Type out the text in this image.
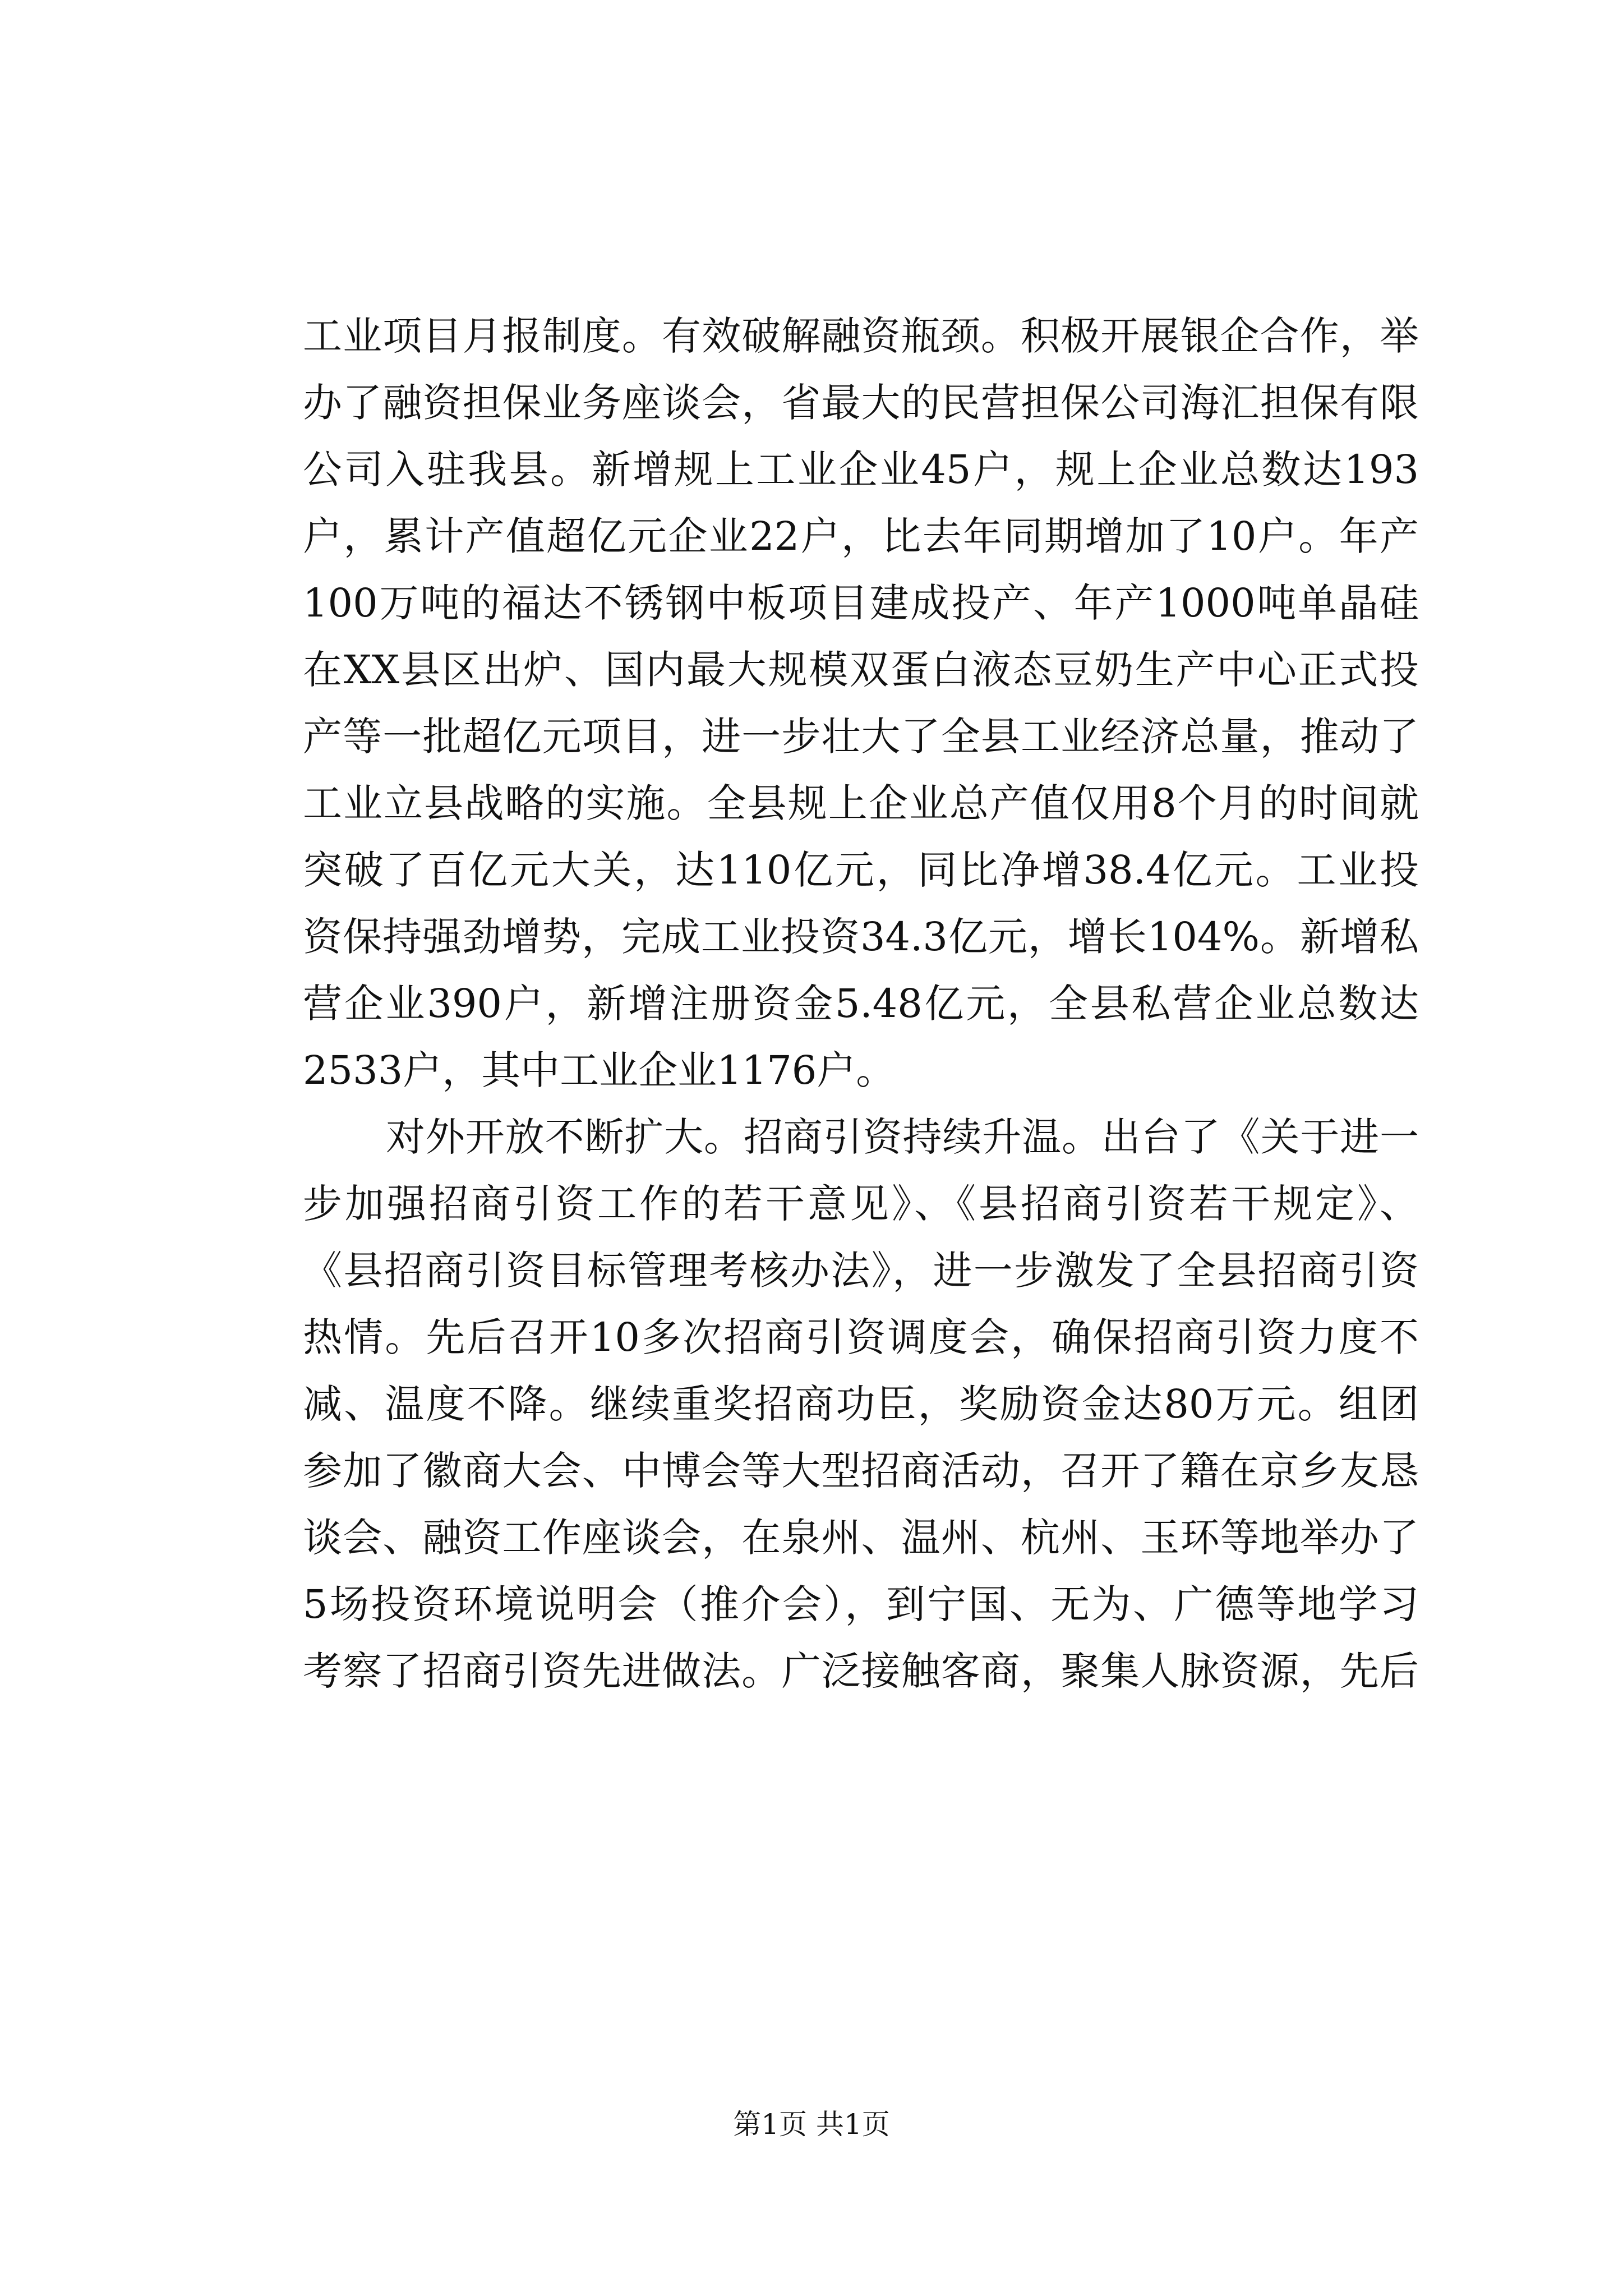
工业项目月报制度。有效破解融资瓶颈。积极开展银企合作，举
办了融资担保业务座谈会，省最大的民营担保公司海汇担保有限
公司入驻我县。新增规上工业企业45户，规上企业总数达193
户，累计产值超亿元企业22户，比去年同期增加了10户。年产
100万吨的福达不锈钢中板项目建成投产、年产1000吨单晶硅
在XX县区出炉、国内最大规模双蛋白液态豆奶生产中心正式投
产等一批超亿元项目，进一步壮大了全县工业经济总量，推动了
工业立县战略的实施。全县规上企业总产值仅用8个月的时间就
突破了百亿元大关，达110亿元，同比净增38.4亿元。工业投
资保持强劲增势，完成工业投资34.3亿元，增长104%。新增私
营企业390户，新增注册资金5.48亿元，全县私营企业总数达
2533户，其中工业企业1176户。
对外开放不断扩大。招商引资持续升温。出台了《关于进一
步加强招商引资工作的若干意见》、《县招商引资若干规定》、
《县招商引资目标管理考核办法》，进一步激发了全县招商引资
热情。先后召开10多次招商引资调度会，确保招商引资力度不
减、温度不降。继续重奖招商功臣，奖励资金达80万元。组团
参加了徽商大会、中博会等大型招商活动，召开了籍在京乡友恳
谈会、融资工作座谈会，在泉州、温州、杭州、玉环等地举办了
5场投资环境说明会（推介会），到宁国、无为、广德等地学习
考察了招商引资先进做法。广泛接触客商，聚集人脉资源，先后
第1页 共1页
